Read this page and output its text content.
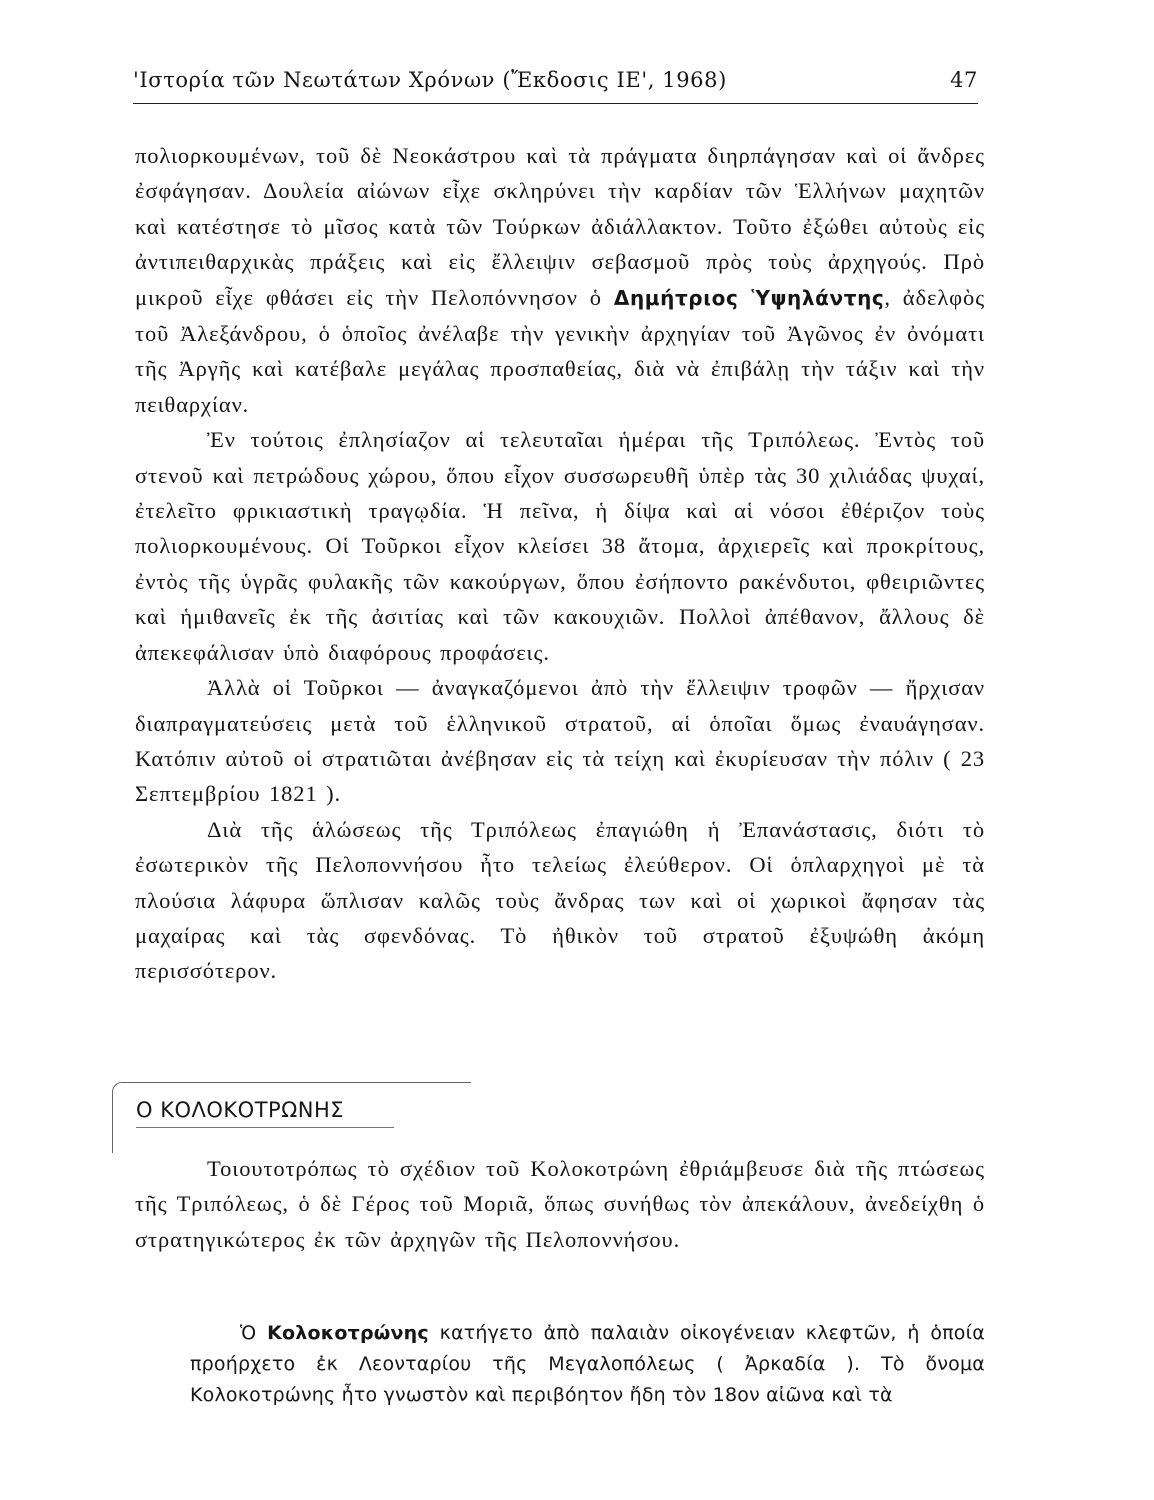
'Ιστορία τῶν Νεωτάτων Χρόνων (Ἔκδοσις ΙΕ', 1968)	47

πολιορκουμένων, τοῦ δὲ Νεοκάστρου καὶ τὰ πράγματα διηρπάγησαν καὶ οἱ ἄνδρες ἐσφάγησαν. Δουλεία αἰώνων εἶχε σκληρύνει τὴν καρδίαν τῶν Ἑλλήνων μαχητῶν καὶ κατέστησε τὸ μῖσος κατὰ τῶν Τούρκων ἀδιάλλακτον. Τοῦτο ἐξώθει αὐτοὺς εἰς ἀντιπειθαρχικὰς πράξεις καὶ εἰς ἔλλειψιν σεβασμοῦ πρὸς τοὺς ἀρχηγούς. Πρὸ μικροῦ εἶχε φθάσει εἰς τὴν Πελοπόννησον ὁ Δημήτριος Ὑψηλάντης, ἀδελφὸς τοῦ Ἀλεξάνδρου, ὁ ὁποῖος ἀνέλαβε τὴν γενικὴν ἀρχηγίαν τοῦ Ἀγῶνος ἐν ὀνόματι τῆς Ἀργῆς καὶ κατέβαλε μεγάλας προσπαθείας, διὰ νὰ ἐπιβάλῃ τὴν τάξιν καὶ τὴν πειθαρχίαν.

Ἐν τούτοις ἐπλησίαζον αἱ τελευταῖαι ἡμέραι τῆς Τριπόλεως. Ἐντὸς τοῦ στενοῦ καὶ πετρώδους χώρου, ὅπου εἶχον συσσωρευθῆ ὑπὲρ τὰς 30 χιλιάδας ψυχαί, ἐτελεῖτο φρικιαστικὴ τραγῳδία. Ἡ πεῖνα, ἡ δίψα καὶ αἱ νόσοι ἐθέριζον τοὺς πολιορκουμένους. Οἱ Τοῦρκοι εἶχον κλείσει 38 ἄτομα, ἀρχιερεῖς καὶ προκρίτους, ἐντὸς τῆς ὑγρᾶς φυλακῆς τῶν κακούργων, ὅπου ἐσήποντο ρακένδυτοι, φθειριῶντες καὶ ἡμιθανεῖς ἐκ τῆς ἀσιτίας καὶ τῶν κακουχιῶν. Πολλοὶ ἀπέθανον, ἄλλους δὲ ἀπεκεφάλισαν ὑπὸ διαφόρους προφάσεις.

Ἀλλὰ οἱ Τοῦρκοι — ἀναγκαζόμενοι ἀπὸ τὴν ἔλλειψιν τροφῶν — ἤρχισαν διαπραγματεύσεις μετὰ τοῦ ἑλληνικοῦ στρατοῦ, αἱ ὁποῖαι ὅμως ἐναυάγησαν. Κατόπιν αὐτοῦ οἱ στρατιῶται ἀνέβησαν εἰς τὰ τείχη καὶ ἐκυρίευσαν τὴν πόλιν ( 23 Σεπτεμβρίου 1821 ).

Διὰ τῆς ἁλώσεως τῆς Τριπόλεως ἐπαγιώθη ἡ Ἐπανάστασις, διότι τὸ ἐσωτερικὸν τῆς Πελοποννήσου ἦτο τελείως ἐλεύθερον. Οἱ ὁπλαρχηγοὶ μὲ τὰ πλούσια λάφυρα ὥπλισαν καλῶς τοὺς ἄνδρας των καὶ οἱ χωρικοὶ ἄφησαν τὰς μαχαίρας καὶ τὰς σφενδόνας. Τὸ ἠθικὸν τοῦ στρατοῦ ἐξυψώθη ἀκόμη περισσότερον.

Ο ΚΟΛΟΚΟΤΡΩΝΗΣ

Τοιουτοτρόπως τὸ σχέδιον τοῦ Κολοκοτρώνη ἐθριάμβευσε διὰ τῆς πτώσεως τῆς Τριπόλεως, ὁ δὲ Γέρος τοῦ Μοριᾶ, ὅπως συνήθως τὸν ἀπεκάλουν, ἀνεδείχθη ὁ στρατηγικώτερος ἐκ τῶν ἀρχηγῶν τῆς Πελοποννήσου.

Ὁ Κολοκοτρώνης κατήγετο ἀπὸ παλαιὰν οἰκογένειαν κλεφτῶν, ἡ ὁποία προήρχετο ἐκ Λεονταρίου τῆς Μεγαλοπόλεως ( Ἀρκαδία ). Τὸ ὄνομα Κολοκοτρώνης ἦτο γνωστὸν καὶ περιβόητον ἤδη τὸν 18ον αἰῶνα καὶ τὰ
